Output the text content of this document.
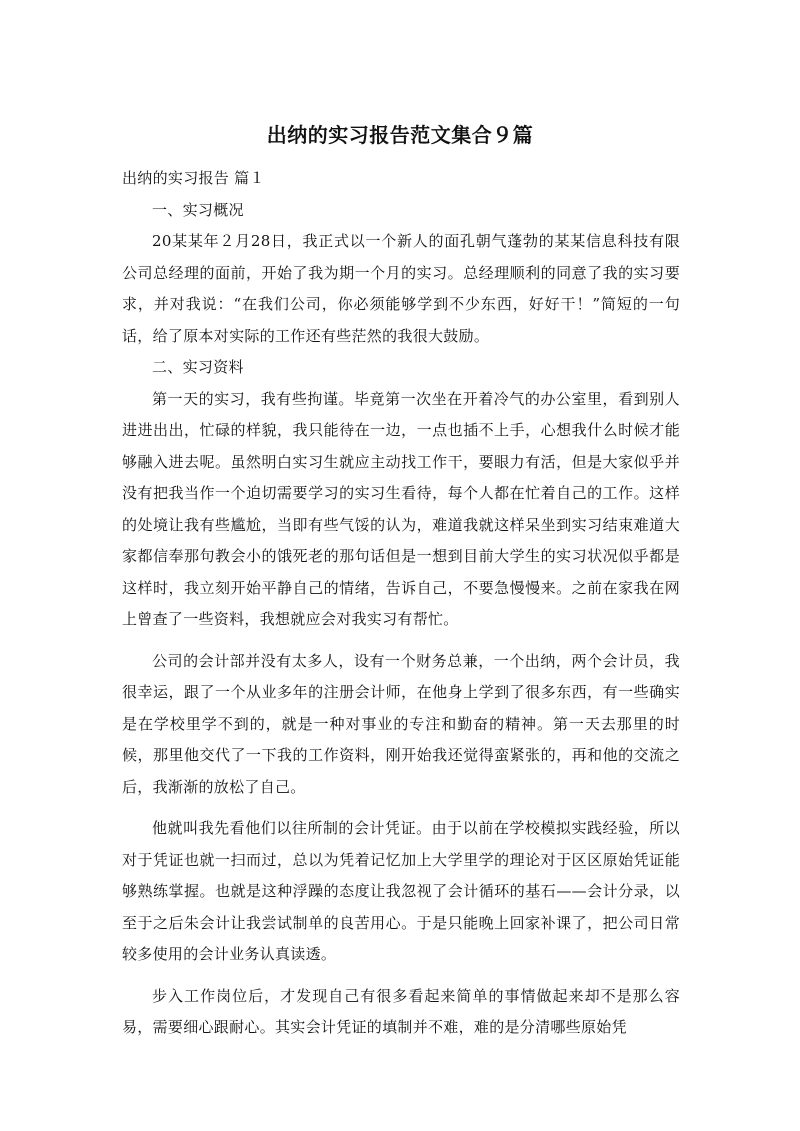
出纳的实习报告范文集合９篇

出纳的实习报告 篇１

一、实习概况

20某某年２月28日，我正式以一个新人的面孔朝气蓬勃的某某信息科技有限公司总经理的面前，开始了我为期一个月的实习。总经理顺利的同意了我的实习要求，并对我说：“在我们公司，你必须能够学到不少东西，好好干！”简短的一句话，给了原本对实际的工作还有些茫然的我很大鼓励。

二、实习资料

第一天的实习，我有些拘谨。毕竟第一次坐在开着冷气的办公室里，看到别人进进出出，忙碌的样貌，我只能待在一边，一点也插不上手，心想我什么时候才能够融入进去呢。虽然明白实习生就应主动找工作干，要眼力有活，但是大家似乎并没有把我当作一个迫切需要学习的实习生看待，每个人都在忙着自己的工作。这样的处境让我有些尴尬，当即有些气馁的认为，难道我就这样呆坐到实习结束难道大家都信奉那句教会小的饿死老的那句话但是一想到目前大学生的实习状况似乎都是这样时，我立刻开始平静自己的情绪，告诉自己，不要急慢慢来。之前在家我在网上曾查了一些资料，我想就应会对我实习有帮忙。

公司的会计部并没有太多人，设有一个财务总兼，一个出纳，两个会计员，我很幸运，跟了一个从业多年的注册会计师，在他身上学到了很多东西，有一些确实是在学校里学不到的，就是一种对事业的专注和勤奋的精神。第一天去那里的时候，那里他交代了一下我的工作资料，刚开始我还觉得蛮紧张的，再和他的交流之后，我渐渐的放松了自己。

他就叫我先看他们以往所制的会计凭证。由于以前在学校模拟实践经验，所以对于凭证也就一扫而过，总以为凭着记忆加上大学里学的理论对于区区原始凭证能够熟练掌握。也就是这种浮躁的态度让我忽视了会计循环的基石——会计分录，以至于之后朱会计让我尝试制单的良苦用心。于是只能晚上回家补课了，把公司日常较多使用的会计业务认真读透。

步入工作岗位后，才发现自己有很多看起来简单的事情做起来却不是那么容易，需要细心跟耐心。其实会计凭证的填制并不难，难的是分清哪些原始凭
